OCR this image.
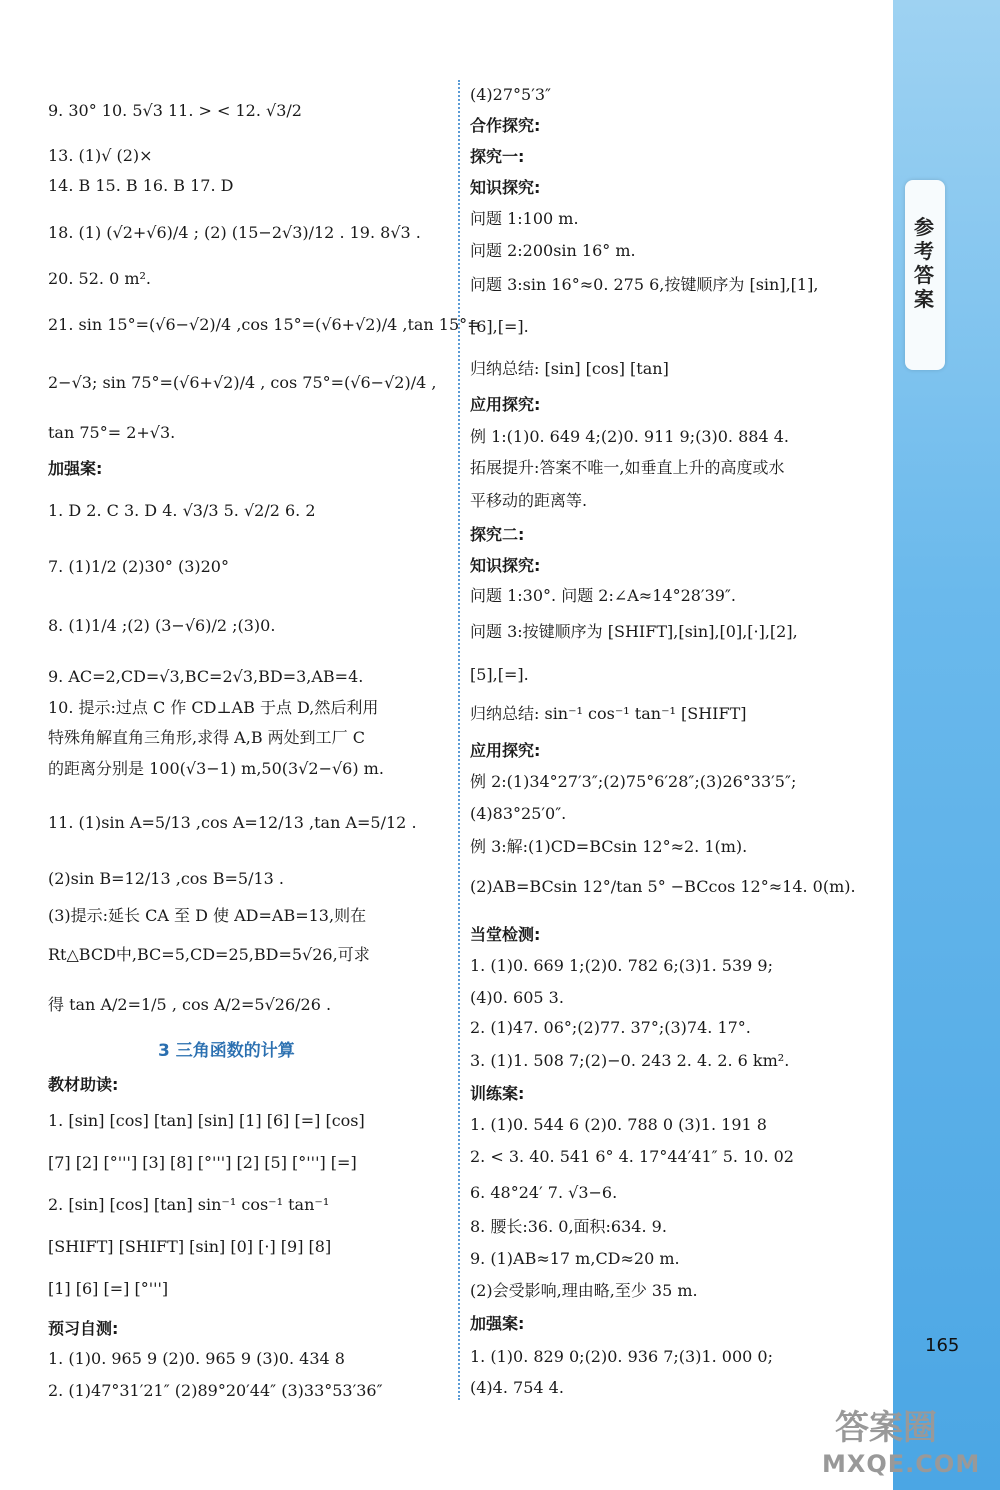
9. 30° 10. 5√3 11. > < 12. √3/2
13. (1)√ (2)×
14. B 15. B 16. B 17. D
18. (1) (√2+√6)/4 ; (2) (15−2√3)/12 . 19. 8√3 .
20. 52. 0 m².
21. sin 15°=(√6−√2)/4 ,cos 15°=(√6+√2)/4 ,tan 15°=
2−√3; sin 75°=(√6+√2)/4 , cos 75°=(√6−√2)/4 ,
tan 75°= 2+√3.
加强案:
1. D 2. C 3. D 4. √3/3 5. √2/2 6. 2
7. (1)1/2 (2)30° (3)20°
8. (1)1/4 ;(2) (3−√6)/2 ;(3)0.
9. AC=2,CD=√3,BC=2√3,BD=3,AB=4.
10. 提示:过点 C 作 CD⊥AB 于点 D,然后利用
特殊角解直角三角形,求得 A,B 两处到工厂 C
的距离分别是 100(√3−1) m,50(3√2−√6) m.
11. (1)sin A=5/13 ,cos A=12/13 ,tan A=5/12 .
(2)sin B=12/13 ,cos B=5/13 .
(3)提示:延长 CA 至 D 使 AD=AB=13,则在
Rt△BCD中,BC=5,CD=25,BD=5√26,可求
得 tan A/2=1/5 , cos A/2=5√26/26 .
3 三角函数的计算
教材助读:
1. [sin] [cos] [tan] [sin] [1] [6] [=] [cos]
[7] [2] [°'''] [3] [8] [°'''] [2] [5] [°'''] [=]
2. [sin] [cos] [tan] sin⁻¹ cos⁻¹ tan⁻¹
[SHIFT] [SHIFT] [sin] [0] [·] [9] [8]
[1] [6] [=] [°''']
预习自测:
1. (1)0. 965 9 (2)0. 965 9 (3)0. 434 8
2. (1)47°31′21″ (2)89°20′44″ (3)33°53′36″
(4)27°5′3″
合作探究:
探究一:
知识探究:
问题 1:100 m.
问题 2:200sin 16° m.
问题 3:sin 16°≈0. 275 6,按键顺序为 [sin],[1],
[6],[=].
归纳总结: [sin] [cos] [tan]
应用探究:
例 1:(1)0. 649 4;(2)0. 911 9;(3)0. 884 4.
拓展提升:答案不唯一,如垂直上升的高度或水
平移动的距离等.
探究二:
知识探究:
问题 1:30°. 问题 2:∠A≈14°28′39″.
问题 3:按键顺序为 [SHIFT],[sin],[0],[·],[2],
[5],[=].
归纳总结: sin⁻¹ cos⁻¹ tan⁻¹ [SHIFT]
应用探究:
例 2:(1)34°27′3″;(2)75°6′28″;(3)26°33′5″;
(4)83°25′0″.
例 3:解:(1)CD=BCsin 12°≈2. 1(m).
(2)AB=BCsin 12°/tan 5° −BCcos 12°≈14. 0(m).
当堂检测:
1. (1)0. 669 1;(2)0. 782 6;(3)1. 539 9;
(4)0. 605 3.
2. (1)47. 06°;(2)77. 37°;(3)74. 17°.
3. (1)1. 508 7;(2)−0. 243 2. 4. 2. 6 km².
训练案:
1. (1)0. 544 6 (2)0. 788 0 (3)1. 191 8
2. < 3. 40. 541 6° 4. 17°44′41″ 5. 10. 02
6. 48°24′ 7. √3−6.
8. 腰长:36. 0,面积:634. 9.
9. (1)AB≈17 m,CD≈20 m.
(2)会受影响,理由略,至少 35 m.
加强案:
1. (1)0. 829 0;(2)0. 936 7;(3)1. 000 0;
(4)4. 754 4.
参考答案
165
答案圈
MXQE.COM
